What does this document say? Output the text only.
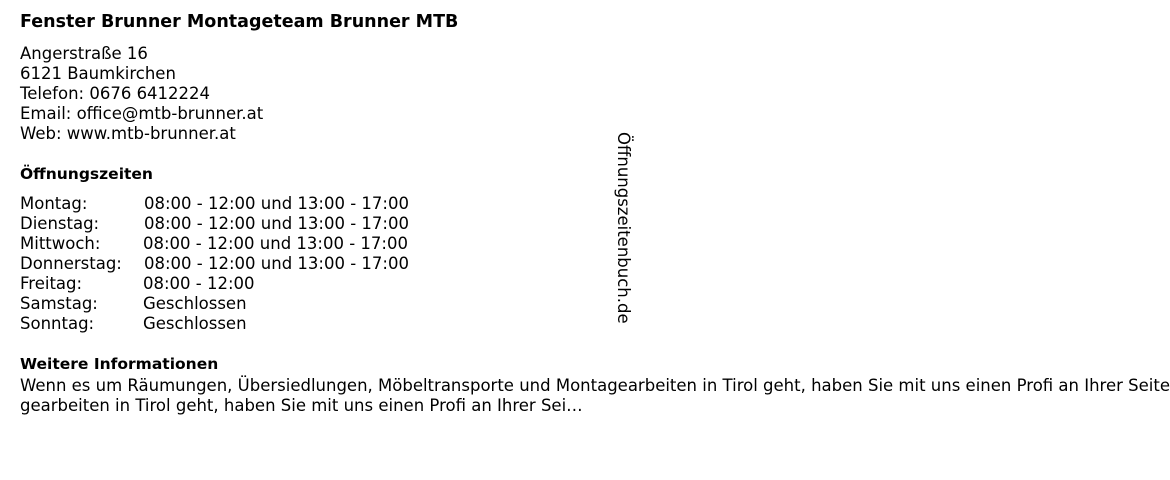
Fenster Brunner Montageteam Brunner MTB
Angerstraße 16
6121 Baumkirchen
Telefon: 0676 6412224
Email: office@mtb-brunner.at
Web: www.mtb-brunner.at
Öffnungszeiten
Montag:	08:00 - 12:00 und 13:00 - 17:00
Dienstag:	08:00 - 12:00 und 13:00 - 17:00
Mittwoch:	08:00 - 12:00 und 13:00 - 17:00
Donnerstag: 08:00 - 12:00 und 13:00 - 17:00
Freitag:	08:00 - 12:00
Samstag:	Geschlossen
Sonntag:	Geschlossen
Weitere Informationen
Wenn es um Räumungen, Übersiedlungen, Möbeltransporte und Montagearbeiten in Tirol geht, haben Sie mit uns einen Profi an Ihrer Seite
gearbeiten in Tirol geht, haben Sie mit uns einen Profi an Ihrer Sei…
Öffnungszeitenbuch.de
